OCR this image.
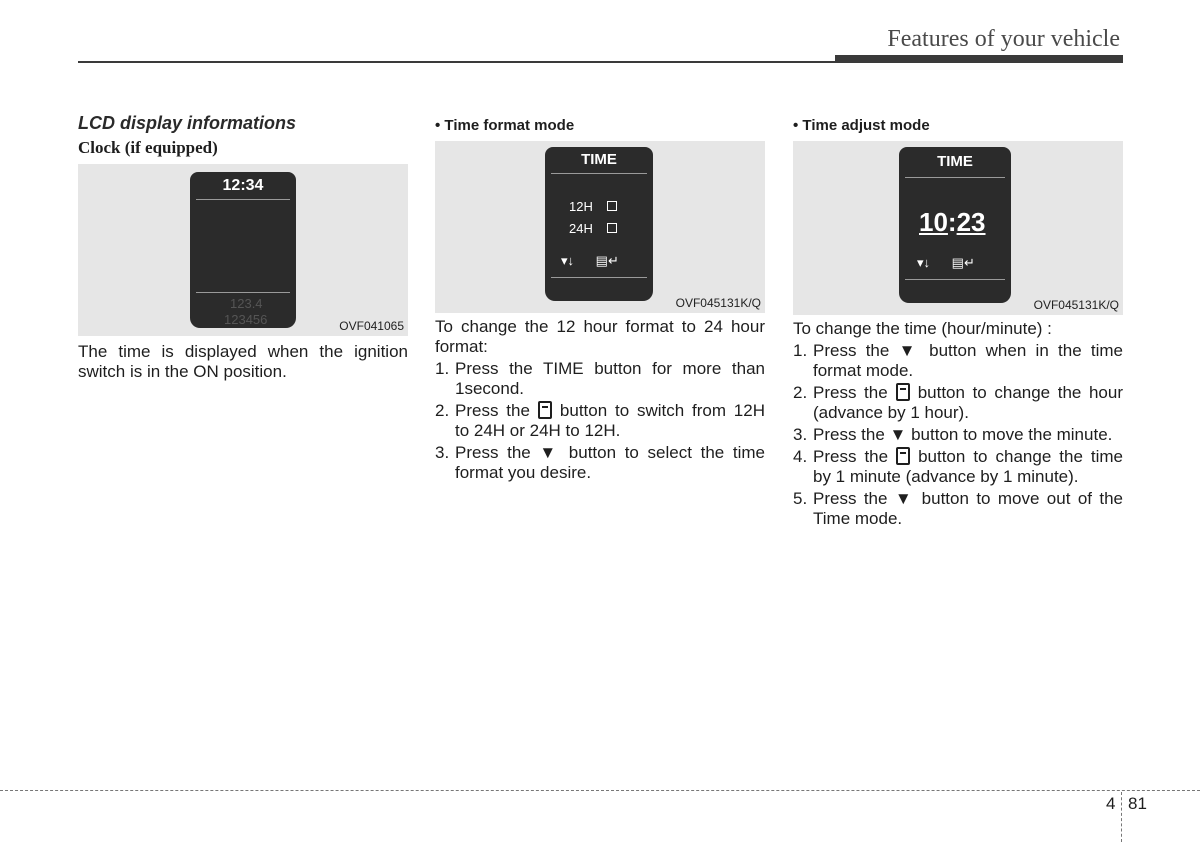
Features of your vehicle
LCD display informations
Clock (if equipped)
12:34
123.4
123456	OVF041065
The time is displayed when the ignition switch is in the ON position.
• Time format mode
TIME
12H
24H
▾↓ ▤↵
OVF045131K/Q
To change the 12 hour format to 24 hour format:
1. Press the TIME button for more than 1second.
2. Press the button to switch from 12H to 24H or 24H to 12H.
3. Press the ▼ button to select the time format you desire.
• Time adjust mode
TIME
10:23
▾↓ ▤↵
OVF045131K/Q
To change the time (hour/minute) :
1. Press the ▼ button when in the time format mode.
2. Press the button to change the hour (advance by 1 hour).
3. Press the ▼ button to move the minute.
4. Press the button to change the time by 1 minute (advance by 1 minute).
5. Press the ▼ button to move out of the Time mode.
4 81
